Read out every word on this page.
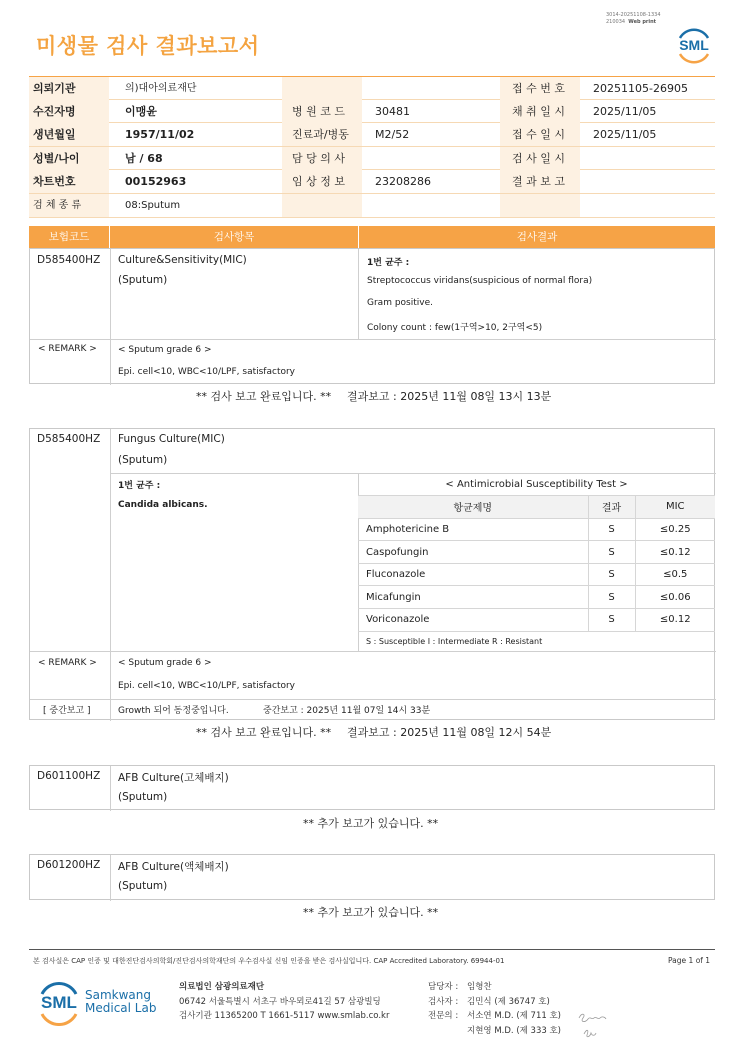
미생물 검사 결과보고서
3014-20251108-1334
210034 Web print
SML
의뢰기관	의)대아의료재단	접 수 번 호	20251105-26905
수진자명	이맹윤	병 원 코 드	30481	채 취 일 시	2025/11/05
생년월일	1957/11/02	진료과/병동	M2/52	접 수 일 시	2025/11/05
성별/나이	남 / 68	담 당 의 사	검 사 일 시
차트번호	00152963	임 상 정 보	23208286	결 과 보 고
검 체 종 류	08:Sputum
보험코드	검사항목	검사결과
D585400HZ Culture&Sensitivity(MIC)
(Sputum)
1번 균주 :
Streptococcus viridans(suspicious of normal flora)
Gram positive.
Colony count : few(1구역>10, 2구역<5)
< REMARK > < Sputum grade 6 >
Epi. cell<10, WBC<10/LPF, satisfactory
** 검사 보고 완료입니다. ** 결과보고 : 2025년 11월 08일 13시 13분
D585400HZ Fungus Culture(MIC)
(Sputum)
1번 균주 :
Candida albicans.
< Antimicrobial Susceptibility Test >		
항균제명	결과	MIC
Amphotericine B	S	≤0.25
Caspofungin	S	≤0.12
Fluconazole	S	≤0.5
Micafungin	S	≤0.06
Voriconazole	S	≤0.12
S : Susceptible I : Intermediate R : Resistant		
< REMARK > < Sputum grade 6 >
Epi. cell<10, WBC<10/LPF, satisfactory
[ 중간보고 ]	Growth 되어 동정중입니다.	중간보고 : 2025년 11월 07일 14시 33분
** 검사 보고 완료입니다. ** 결과보고 : 2025년 11월 08일 12시 54분
D601100HZ AFB Culture(고체배지)
(Sputum)
** 추가 보고가 있습니다. **
D601200HZ AFB Culture(액체배지)
(Sputum)
** 추가 보고가 있습니다. **
본 검사실은 CAP 인증 및 대한진단검사의학회/진단검사의학재단의 우수검사실 신임 인증을 받은 검사실입니다. CAP Accredited Laboratory. 69944-01	Page 1 of 1
SML Samkwang
Medical Lab
의료법인 삼광의료재단
06742 서울특별시 서초구 바우뫼로41길 57 삼광빌딩
검사기관 11365200 T 1661-5117 www.smlab.co.kr
담당자 :
검사자 :
전문의 :
임형찬
김민식 (제 36747 호)
서소연 M.D. (제 711 호)
지현영 M.D. (제 333 호)
